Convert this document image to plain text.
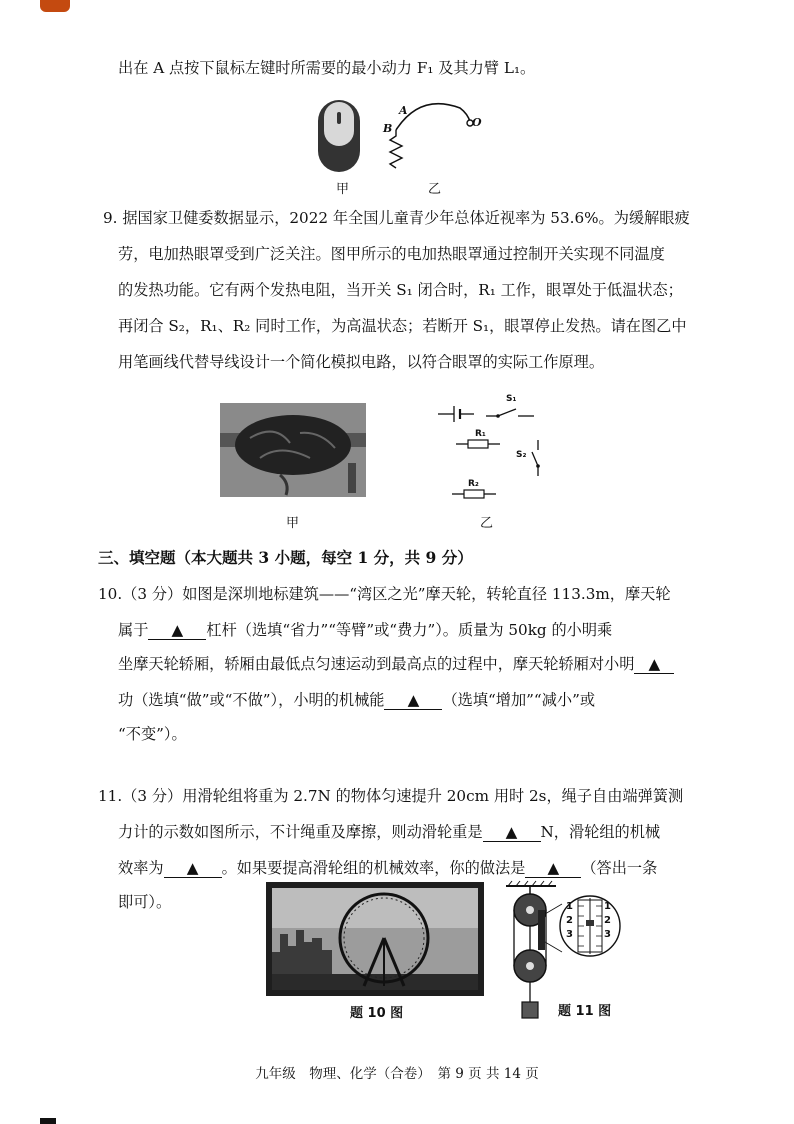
出在 A 点按下鼠标左键时所需要的最小动力 F₁ 及其力臂 L₁。
A
B	O
甲	乙
9. 据国家卫健委数据显示，2022 年全国儿童青少年总体近视率为 53.6%。为缓解眼疲
劳，电加热眼罩受到广泛关注。图甲所示的电加热眼罩通过控制开关实现不同温度
的发热功能。它有两个发热电阻，当开关 S₁ 闭合时，R₁ 工作，眼罩处于低温状态；
再闭合 S₂，R₁、R₂ 同时工作，为高温状态；若断开 S₁，眼罩停止发热。请在图乙中
用笔画线代替导线设计一个简化模拟电路，以符合眼罩的实际工作原理。
S₁
R₁
S₂
R₂
甲	乙
三、填空题（本大题共 3 小题，每空 1 分，共 9 分）
10.（3 分）如图是深圳地标建筑——“湾区之光”摩天轮，转轮直径 113.3m，摩天轮
属于 ▲ 杠杆（选填“省力”“等臂”或“费力”）。质量为 50kg 的小明乘
坐摩天轮轿厢，轿厢由最低点匀速运动到最高点的过程中，摩天轮轿厢对小明 ▲
功（选填“做”或“不做”），小明的机械能 ▲ （选填“增加”“减小”或
“不变”）。
11.（3 分）用滑轮组将重为 2.7N 的物体匀速提升 20cm 用时 2s，绳子自由端弹簧测
力计的示数如图所示，不计绳重及摩擦，则动滑轮重是 ▲ N，滑轮组的机械
效率为 ▲ 。如果要提高滑轮组的机械效率，你的做法是 ▲ （答出一条
即可）。
题 10 图
1
2
3
1
2
3
题 11 图
九年级　物理、化学（合卷）　第 9 页 共 14 页
